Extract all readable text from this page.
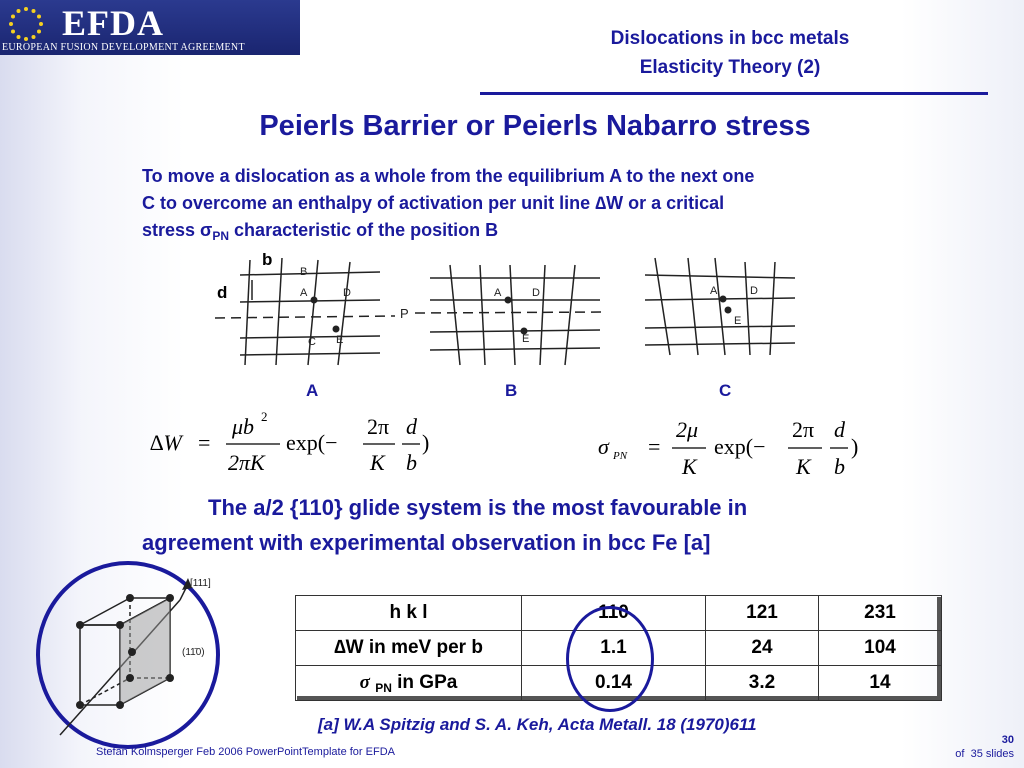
EFDA
EUROPEAN FUSION DEVELOPMENT AGREEMENT	Dislocations in bcc metals
Elasticity Theory (2)
Peierls Barrier or Peierls Nabarro stress
To move a dislocation as a whole from the equilibrium A to the next one
C to overcome an enthalpy of activation per unit line ∆W or a critical
stress $\sigma_{PN}$ characteristic of the position B
B
A	D
C E
A	D
E
A	D
E
P
b
d
A	B	C
∆W =
μb 2
2πK
exp(−
2π
K
d
b
)	σ PN =
2μ
K
exp(−
2π
K
d
b
)
The a/2 {110} glide system is the most favourable in
agreement with experimental observation in bcc Fe [a]
[111]
(11̄0)
h k l	110	121	231
∆W in meV per b	1.1	24	104
σ $_{PN}$ in GPa	0.14	3.2	14
[a] W.A Spitzig and S. A. Keh, Acta Metall. 18 (1970)611
Stefan Kolmsperger Feb 2006 PowerPointTemplate for EFDA
30
of 35 slides
